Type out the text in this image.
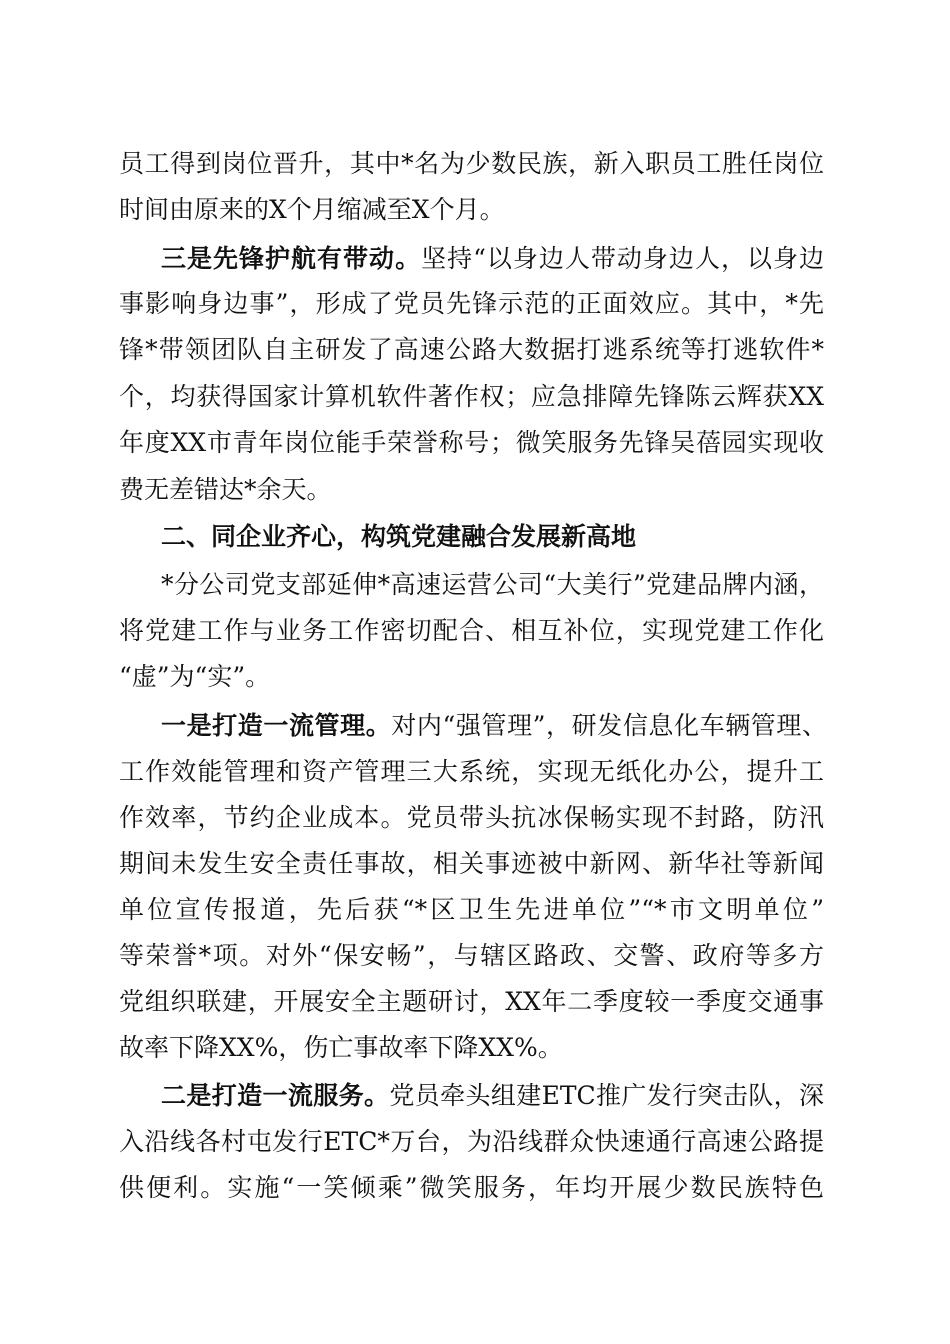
员工得到岗位晋升，其中*名为少数民族，新入职员工胜任岗位

时间由原来的X个月缩减至X个月。

三是先锋护航有带动。坚持“以身边人带动身边人，以身边

事影响身边事”，形成了党员先锋示范的正面效应。其中，*先

锋*带领团队自主研发了高速公路大数据打逃系统等打逃软件*

个，均获得国家计算机软件著作权；应急排障先锋陈云辉获XX

年度XX市青年岗位能手荣誉称号；微笑服务先锋吴蓓园实现收

费无差错达*余天。

二、同企业齐心，构筑党建融合发展新高地

*分公司党支部延伸*高速运营公司“大美行”党建品牌内涵，

将党建工作与业务工作密切配合、相互补位，实现党建工作化

“虚”为“实”。

一是打造一流管理。对内“强管理”，研发信息化车辆管理、

工作效能管理和资产管理三大系统，实现无纸化办公，提升工

作效率，节约企业成本。党员带头抗冰保畅实现不封路，防汛

期间未发生安全责任事故，相关事迹被中新网、新华社等新闻

单位宣传报道，先后获“*区卫生先进单位”“*市文明单位”

等荣誉*项。对外“保安畅”，与辖区路政、交警、政府等多方

党组织联建，开展安全主题研讨，XX年二季度较一季度交通事

故率下降XX%，伤亡事故率下降XX%。

二是打造一流服务。党员牵头组建ETC推广发行突击队，深

入沿线各村屯发行ETC*万台，为沿线群众快速通行高速公路提

供便利。实施“一笑倾乘”微笑服务，年均开展少数民族特色
